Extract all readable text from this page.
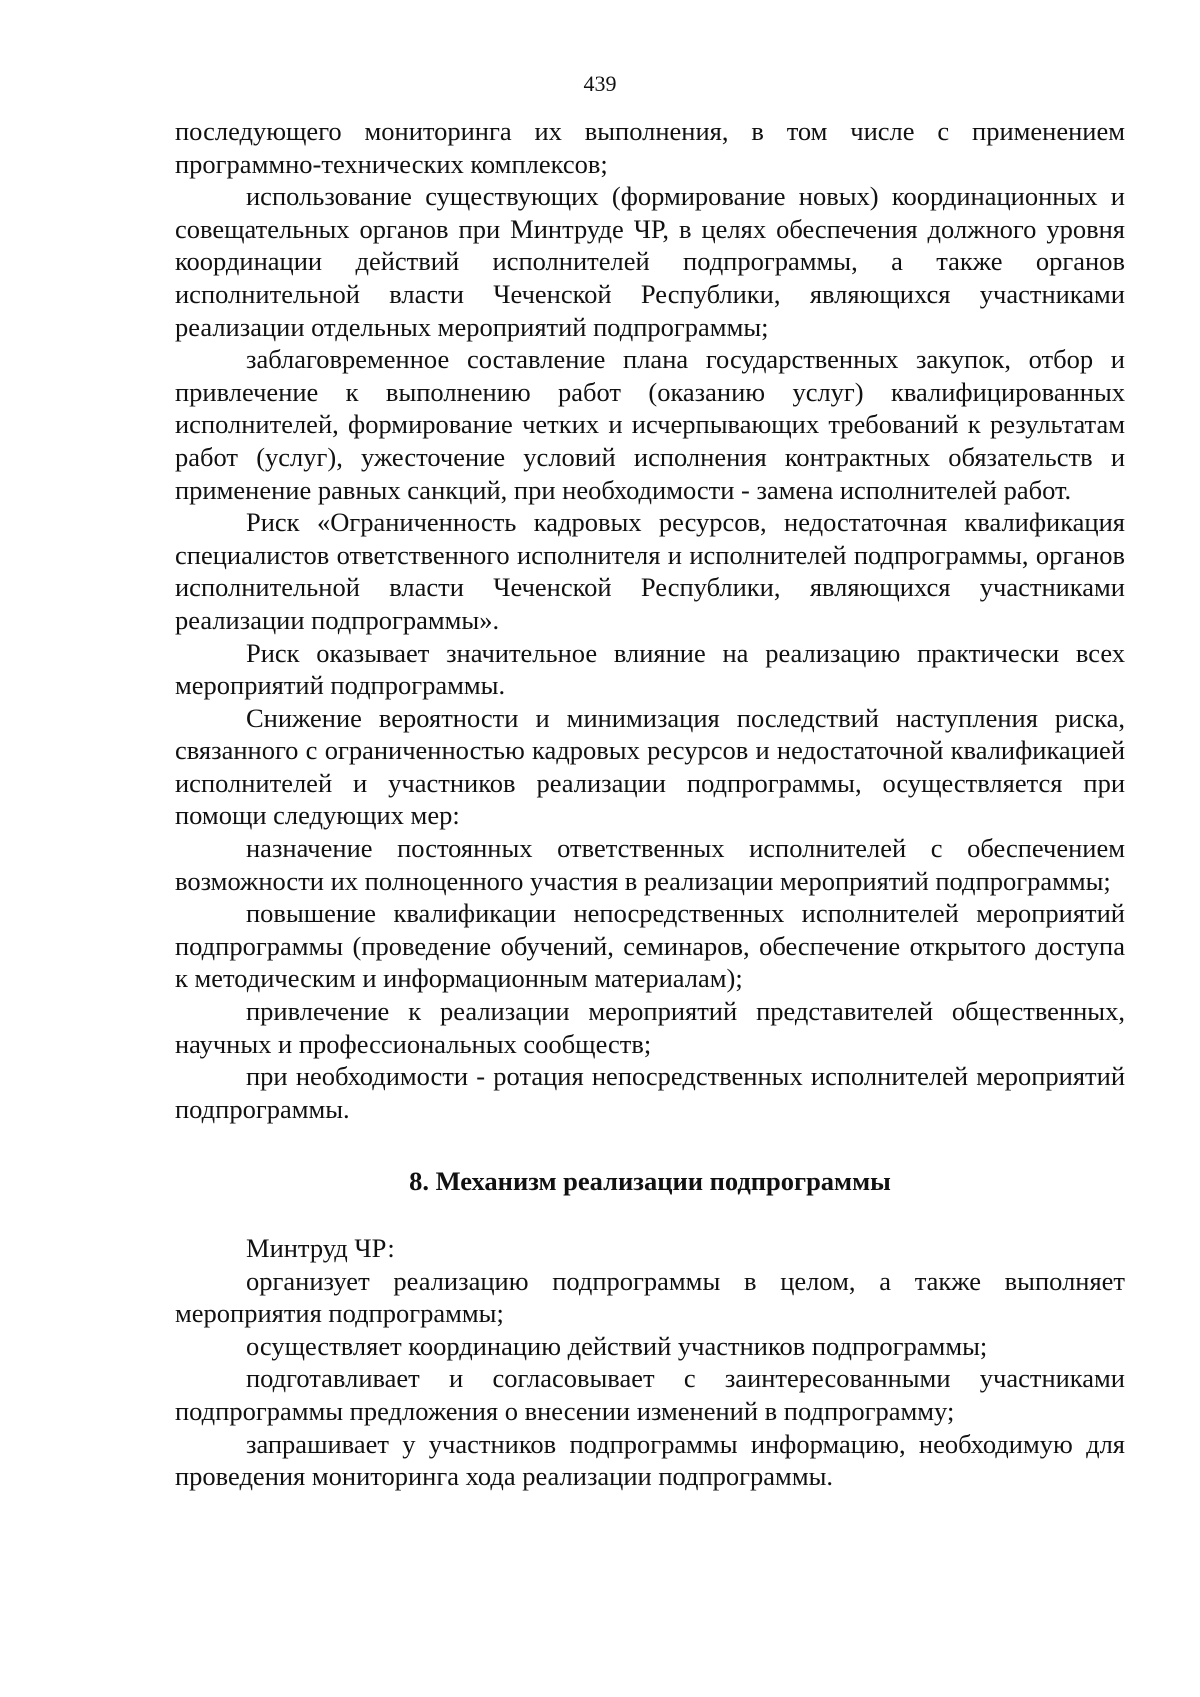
439

последующего мониторинга их выполнения, в том числе с применением программно-технических комплексов;

использование существующих (формирование новых) координационных и совещательных органов при Минтруде ЧР, в целях обеспечения должного уровня координации действий исполнителей подпрограммы, а также органов исполнительной власти Чеченской Республики, являющихся участниками реализации отдельных мероприятий подпрограммы;

заблаговременное составление плана государственных закупок, отбор и привлечение к выполнению работ (оказанию услуг) квалифицированных исполнителей, формирование четких и исчерпывающих требований к результатам работ (услуг), ужесточение условий исполнения контрактных обязательств и применение равных санкций, при необходимости - замена исполнителей работ.

Риск «Ограниченность кадровых ресурсов, недостаточная квалификация специалистов ответственного исполнителя и исполнителей подпрограммы, органов исполнительной власти Чеченской Республики, являющихся участниками реализации подпрограммы».

Риск оказывает значительное влияние на реализацию практически всех мероприятий подпрограммы.

Снижение вероятности и минимизация последствий наступления риска, связанного с ограниченностью кадровых ресурсов и недостаточной квалификацией исполнителей и участников реализации подпрограммы, осуществляется при помощи следующих мер:

назначение постоянных ответственных исполнителей с обеспечением возможности их полноценного участия в реализации мероприятий подпрограммы;

повышение квалификации непосредственных исполнителей мероприятий подпрограммы (проведение обучений, семинаров, обеспечение открытого доступа к методическим и информационным материалам);

привлечение к реализации мероприятий представителей общественных, научных и профессиональных сообществ;

при необходимости - ротация непосредственных исполнителей мероприятий подпрограммы.

8. Механизм реализации подпрограммы

Минтруд ЧР:

организует реализацию подпрограммы в целом, а также выполняет мероприятия подпрограммы;

осуществляет координацию действий участников подпрограммы;

подготавливает и согласовывает с заинтересованными участниками подпрограммы предложения о внесении изменений в подпрограмму;

запрашивает у участников подпрограммы информацию, необходимую для проведения мониторинга хода реализации подпрограммы.
